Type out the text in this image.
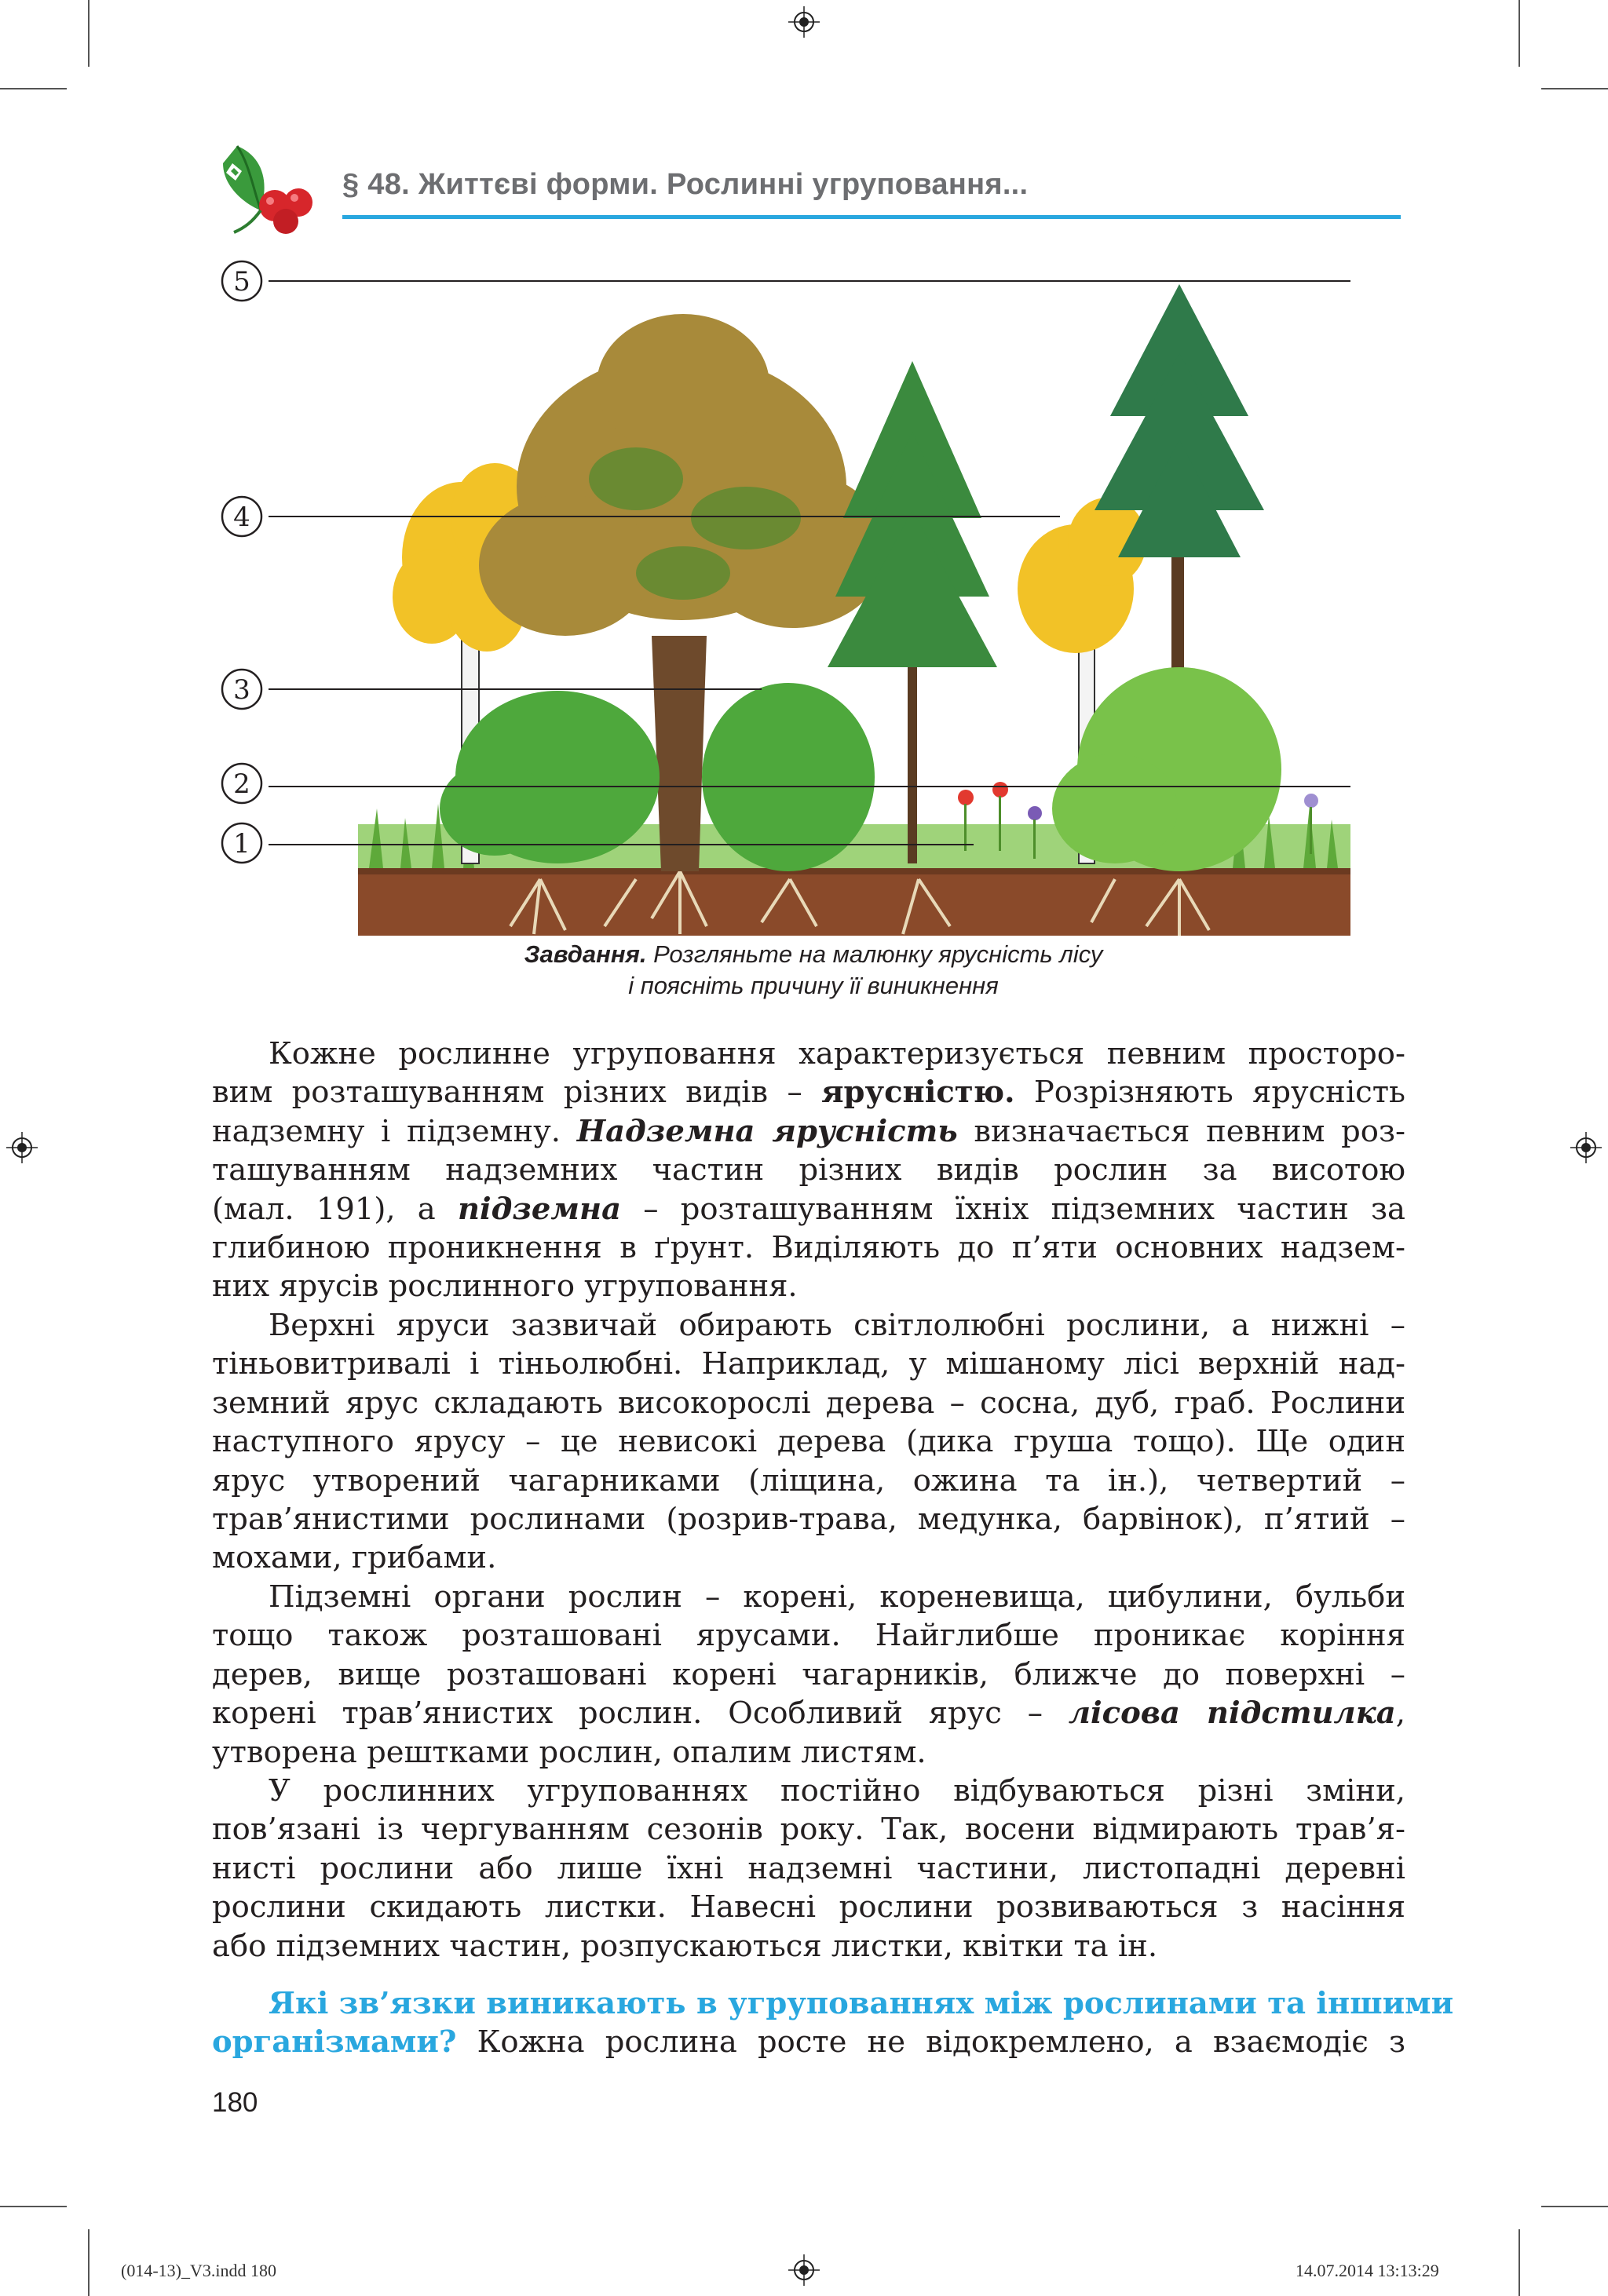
§ 48. Життєві форми. Рослинні угруповання...
5
4
3
2
1
Завдання. Розгляньте на малюнку ярусність лісу
і поясніть причину її виникнення
Кожне рослинне угруповання характеризується певним просторо-
вим розташуванням різних видів – ярусністю. Розрізняють ярусність
надземну і підземну. Надземна ярусність визначається певним роз-
ташуванням надземних частин різних видів рослин за висотою
(мал. 191), а підземна – розташуванням їхніх підземних частин за
глибиною проникнення в ґрунт. Виділяють до п’яти основних надзем-
них ярусів рослинного угруповання.
Верхні яруси зазвичай обирають світлолюбні рослини, а нижні –
тіньовитривалі і тіньолюбні. Наприклад, у мішаному лісі верхній над-
земний ярус складають високорослі дерева – сосна, дуб, граб. Рослини
наступного ярусу – це невисокі дерева (дика груша тощо). Ще один
ярус утворений чагарниками (ліщина, ожина та ін.), четвертий –
трав’янистими рослинами (розрив-трава, медунка, барвінок), п’ятий –
мохами, грибами.
Підземні органи рослин – корені, кореневища, цибулини, бульби
тощо також розташовані ярусами. Найглибше проникає коріння
дерев, вище розташовані корені чагарників, ближче до поверхні –
корені трав’янистих рослин. Особливий ярус – лісова підстилка,
утворена рештками рослин, опалим листям.
У рослинних угрупованнях постійно відбуваються різні зміни,
пов’язані із чергуванням сезонів року. Так, восени відмирають трав’я-
нисті рослини або лише їхні надземні частини, листопадні деревні
рослини скидають листки. Навесні рослини розвиваються з насіння
або підземних частин, розпускаються листки, квітки та ін.
Які зв’язки виникають в угрупованнях між рослинами та іншими
організмами? Кожна рослина росте не відокремлено, а взаємодіє з
180
(014-13)_V3.indd 180	14.07.2014 13:13:29
